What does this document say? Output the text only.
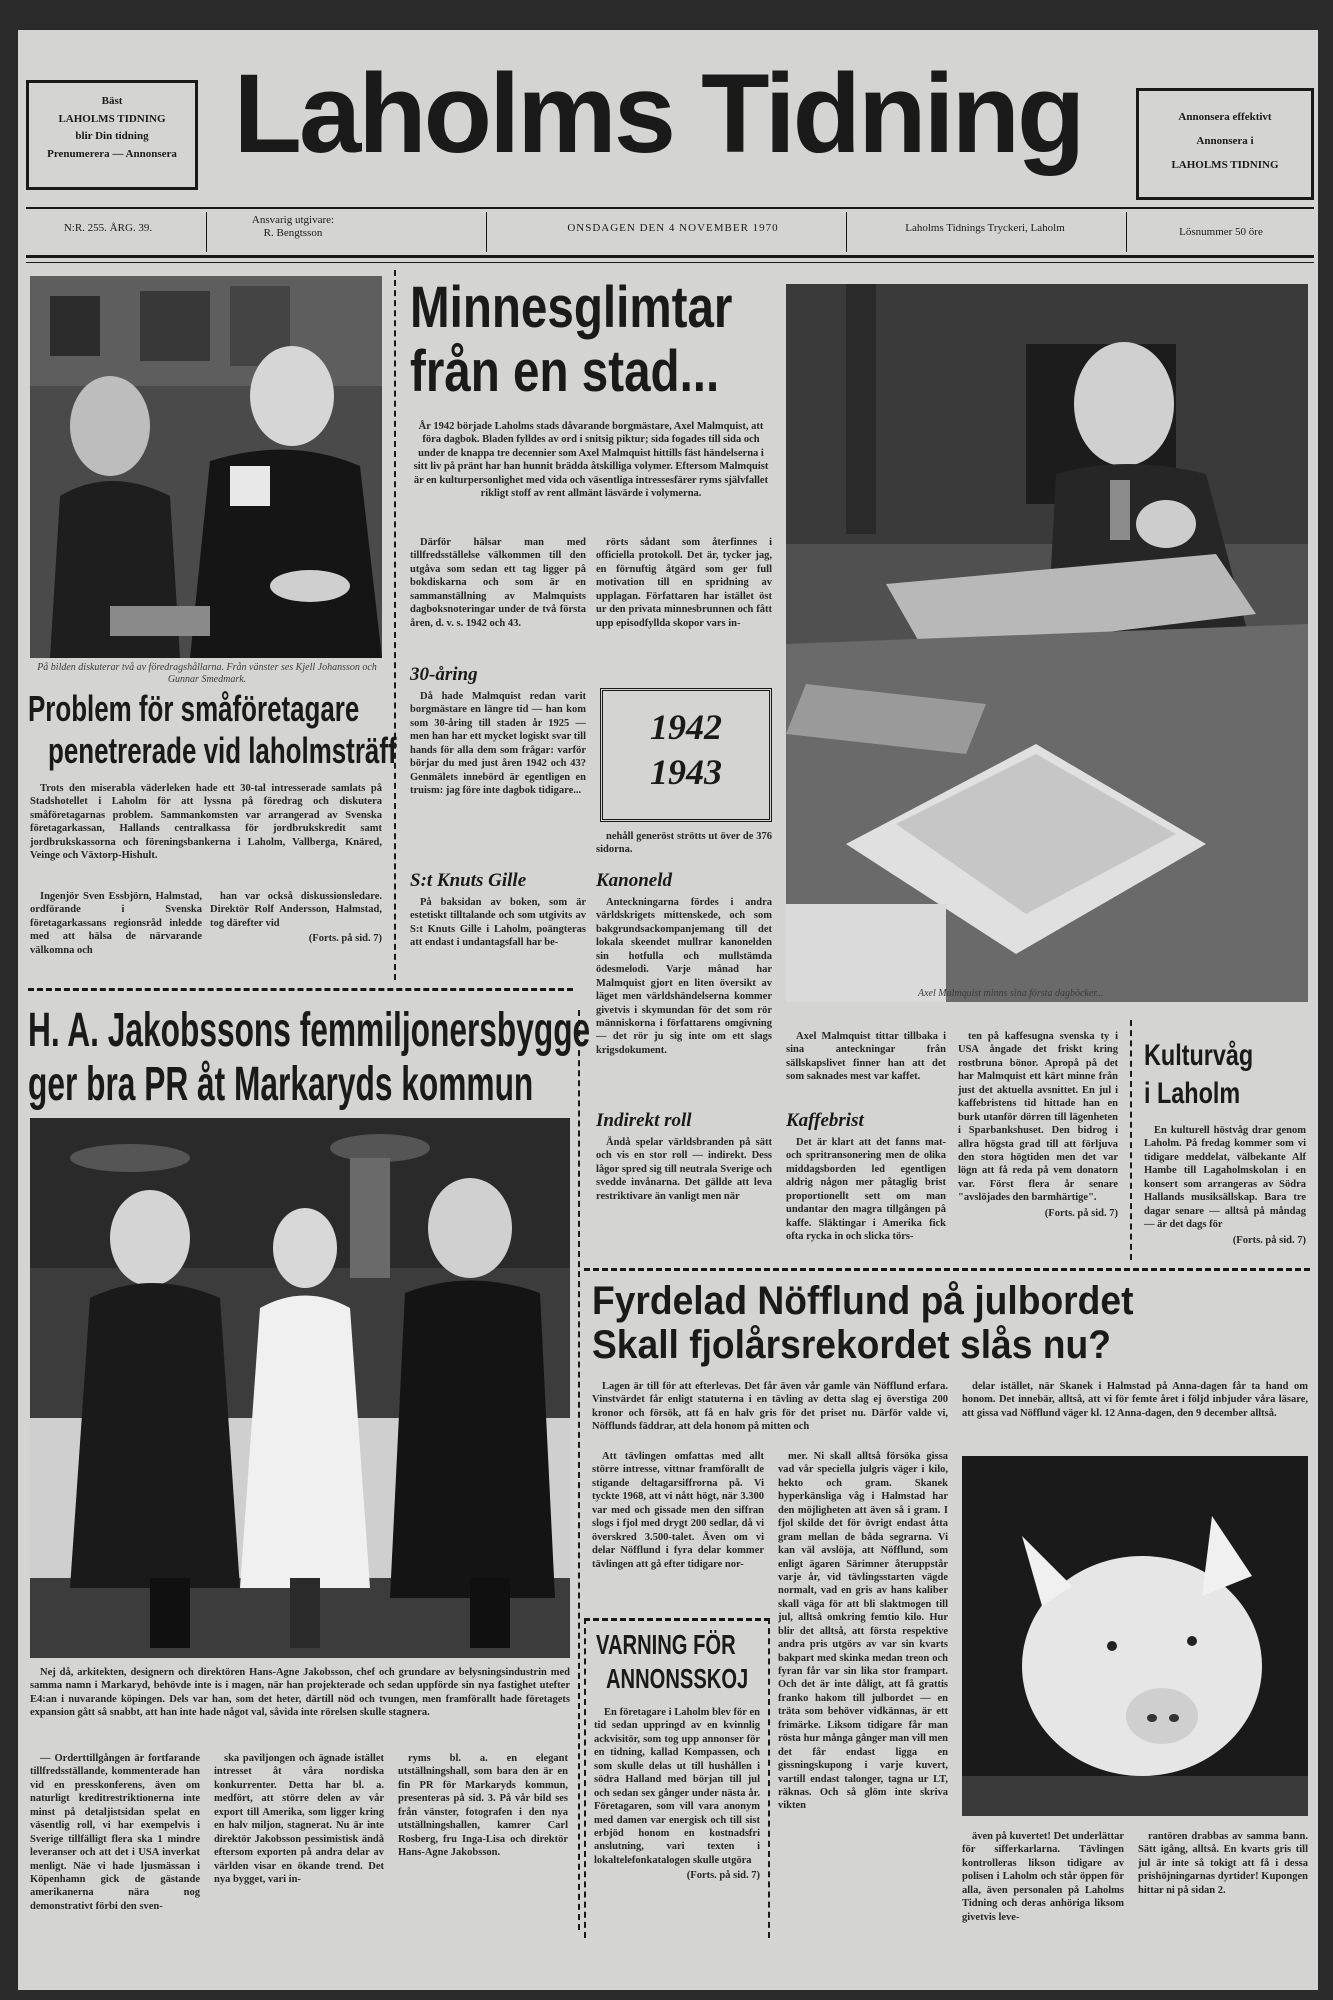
Bäst
LAHOLMS TIDNING
blir Din tidning
Prenumerera — Annonsera Laholms Tidning	Annonsera effektivt
Annonsera i
LAHOLMS TIDNING
N:R. 255. ÅRG. 39.
Ansvarig utgivare:
R. Bengtsson	ONSDAGEN DEN 4 NOVEMBER 1970	Laholms Tidnings Tryckeri, Laholm	Lösnummer 50 öre
På bilden diskuterar två av föredragshållarna. Från vänster ses Kjell Johansson och Gunnar Smedmark.
Problem för småföretagare
penetrerade vid laholmsträff

Trots den miserabla väderleken hade ett 30-tal intresserade samlats på Stadshotellet i Laholm för att lyssna på föredrag och diskutera småföretagarnas problem. Sammankomsten var arrangerad av Svenska företagarkassan, Hallands centralkassa för jordbrukskredit samt jordbrukskassorna och föreningsbankerna i Laholm, Vallberga, Knäred, Veinge och Växtorp-Hishult.

Ingenjör Sven Essbjörn, Halmstad, ordförande i Svenska företagarkassans regionsråd inledde med att hälsa de närvarande välkomna och

han var också diskussionsledare. Direktör Rolf Andersson, Halmstad, tog därefter vid

(Forts. på sid. 7)

Minnesglimtar
från en stad...

År 1942 började Laholms stads dåvarande borgmästare, Axel Malmquist, att föra dagbok. Bladen fylldes av ord i snitsig piktur; sida fogades till sida och under de knappa tre decennier som Axel Malmquist hittills fäst händelserna i sitt liv på pränt har han hunnit brädda åtskilliga volymer. Eftersom Malmquist är en kulturpersonlighet med vida och väsentliga intressesfärer ryms självfallet rikligt stoff av rent allmänt läsvärde i volymerna.

Därför hälsar man med tillfredsställelse välkommen till den utgåva som sedan ett tag ligger på bokdiskarna och som är en sammanställning av Malmquists dagboksnoteringar under de två första åren, d. v. s. 1942 och 43.

rörts sådant som återfinnes i officiella protokoll. Det är, tycker jag, en förnuftig åtgärd som ger full motivation till en spridning av upplagan. Författaren har istället öst ur den privata minnesbrunnen och fått upp episodfyllda skopor vars in-

30-åring

Då hade Malmquist redan varit borgmästare en längre tid — han kom som 30-åring till staden år 1925 — men han har ett mycket logiskt svar till hands för alla dem som frågar: varför börjar du med just åren 1942 och 43? Genmälets innebörd är egentligen en truism: jag före inte dagbok tidigare...

1942
1943

nehåll generöst strötts ut över de 376 sidorna.

S:t Knuts Gille

På baksidan av boken, som är estetiskt tilltalande och som utgivits av S:t Knuts Gille i Laholm, poängteras att endast i undantagsfall har be-

Kanoneld

Anteckningarna fördes i andra världskrigets mittenskede, och som bakgrundsackompanjemang till det lokala skeendet mullrar kanonelden sin hotfulla och mullstämda ödesmelodi. Varje månad har Malmquist gjort en liten översikt av läget men världshändelserna kommer givetvis i skymundan för det som rör människorna i författarens omgivning — det rör ju sig inte om ett slags krigsdokument.

Indirekt roll

Ändå spelar världsbranden på sätt och vis en stor roll — indirekt. Dess lågor spred sig till neutrala Sverige och svedde invånarna. Det gällde att leva restriktivare än vanligt men när

Axel Malmquist minns sina första dagböcker...
H. A. Jakobssons femmiljonersbygge
ger bra PR åt Markaryds kommun

Nej då, arkitekten, designern och direktören Hans-Agne Jakobsson, chef och grundare av belysningsindustrin med samma namn i Markaryd, behövde inte is i magen, när han projekterade och sedan uppförde sin nya fastighet utefter E4:an i nuvarande köpingen. Dels var han, som det heter, därtill nöd och tvungen, men framförallt hade företagets expansion gått så snabbt, att han inte hade något val, såvida inte rörelsen skulle stagnera.

— Orderttillgången är fortfarande tillfredsställande, kommenterade han vid en presskonferens, även om naturligt kreditrestriktionerna inte minst på detaljistsidan spelat en väsentlig roll, vi har exempelvis i Sverige tillfälligt flera ska 1 mindre leveranser och att det i USA inverkat menligt. Näe vi hade ljusmässan i Köpenhamn gick de gästande amerikanerna nära nog demonstrativt förbi den sven-

ska paviljongen och ägnade istället intresset åt våra nordiska konkurrenter. Detta har bl. a. medfört, att större delen av vår export till Amerika, som ligger kring en halv miljon, stagnerat. Nu är inte direktör Jakobsson pessimistisk ändå eftersom exporten på andra delar av världen visar en ökande trend. Det nya bygget, vari in-

ryms bl. a. en elegant utställningshall, som bara den är en fin PR för Markaryds kommun, presenteras på sid. 3. På vår bild ses från vänster, fotografen i den nya utställningshallen, kamrer Carl Rosberg, fru Inga-Lisa och direktör Hans-Agne Jakobsson.

Axel Malmquist tittar tillbaka i sina anteckningar från sällskapslivet finner han att det som saknades mest var kaffet.

Kaffebrist

Det är klart att det fanns mat- och spritransonering men de olika middagsborden led egentligen aldrig någon mer påtaglig brist proportionellt sett om man undantar den magra tillgången på kaffe. Släktingar i Amerika fick ofta rycka in och slicka törs-

ten på kaffesugna svenska ty i USA ångade det friskt kring rostbrunа bönor. Apropå på det har Malmquist ett kärt minne från just det aktuella avsnittet. En jul i kaffebristens tid hittade han en burk utanför dörren till lägenheten i Sparbankshuset. Den bidrog i allra högsta grad till att förljuva den stora högtiden men det var lögn att få reda på vem donatorn var. Först flera år senare "avslöjades den barmhärtige".

(Forts. på sid. 7)

Kulturvåg
i Laholm

En kulturell höstvåg drar genom Laholm. På fredag kommer som vi tidigare meddelat, välbekante Alf Hambe till Lagaholmskolan i en konsert som arrangeras av Södra Hallands musiksällskap. Bara tre dagar senare — alltså på måndag — är det dags för

(Forts. på sid. 7)

Fyrdelad Nöfflund på julbordet
Skall fjolårsrekordet slås nu?

Lagen är till för att efterlevas. Det får även vår gamle vän Nöfflund erfara. Vinstvärdet får enligt statuterna i en tävling av detta slag ej överstiga 200 kronor och försök, att få en halv gris för det priset nu. Därför valde vi, Nöfflunds fäddrar, att dela honom på mitten och

delar istället, när Skanek i Halmstad på Anna-dagen får ta hand om honom. Det innebär, alltså, att vi för femte året i följd inbjuder våra läsare, att gissa vad Nöfflund väger kl. 12 Anna-dagen, den 9 december alltså.

Att tävlingen omfattas med allt större intresse, vittnar framförallt de stigande deltagarsiffrorna på. Vi tyckte 1968, att vi nått högt, när 3.300 var med och gissade men den siffran slogs i fjol med drygt 200 sedlar, då vi överskred 3.500-talet. Även om vi delar Nöfflund i fyra delar kommer tävlingen att gå efter tidigare nor-

mer. Ni skall alltså försöka gissa vad vår speciella julgris väger i kilo, hekto och gram. Skanek hyperkänsliga våg i Halmstad har den möjligheten att även så i gram. I fjol skilde det för övrigt endast åtta gram mellan de båda segrarna. Vi kan väl avslöja, att Nöfflund, som enligt ägaren Särimner återuppstår varje år, vid tävlingsstarten vägde normalt, vad en gris av hans kaliber skall väga för att bli slaktmogen till jul, alltså omkring femtio kilo. Hur blir det alltså, att första respektive andra pris utgörs av var sin kvarts bakpart med skinka medan treon och fyran får var sin lika stor frampart. Och det är inte dåligt, att få grattis franko hakom till julbordet — en träta som behöver vidkännas, är ett frimärke. Liksom tidigare får man rösta hur många gånger man vill men det får endast ligga en gissningskupong i varje kuvert, vartill endast talonger, tagna ur LT, räknas. Och så glöm inte skriva vikten

även på kuvertet! Det underlättar för sifferkarlarna. Tävlingen kontrolleras likson tidigare av polisen i Laholm och står öppen för alla, även personalen på Laholms Tidning och deras anhöriga liksom givetvis leve-

rantören drabbas av samma bann. Sätt igång, alltså. En kvarts gris till jul är inte så tokigt att få i dessa prishöjningarnas dyrtider! Kupongen hittar ni på sidan 2.

VARNING FÖR
ANNONSSKOJ

En företagare i Laholm blev för en tid sedan uppringd av en kvinnlig ackvisitör, som tog upp annonser för en tidning, kallad Kompassen, och som skulle delas ut till hushållen i södra Halland med början till jul och sedan sex gånger under nästa år. Företagaren, som vill vara anonym med damen var energisk och till sist erbjöd honom en kostnadsfri anslutning, vari texten i lokaltelefonkatalogen skulle utgöra

(Forts. på sid. 7)
